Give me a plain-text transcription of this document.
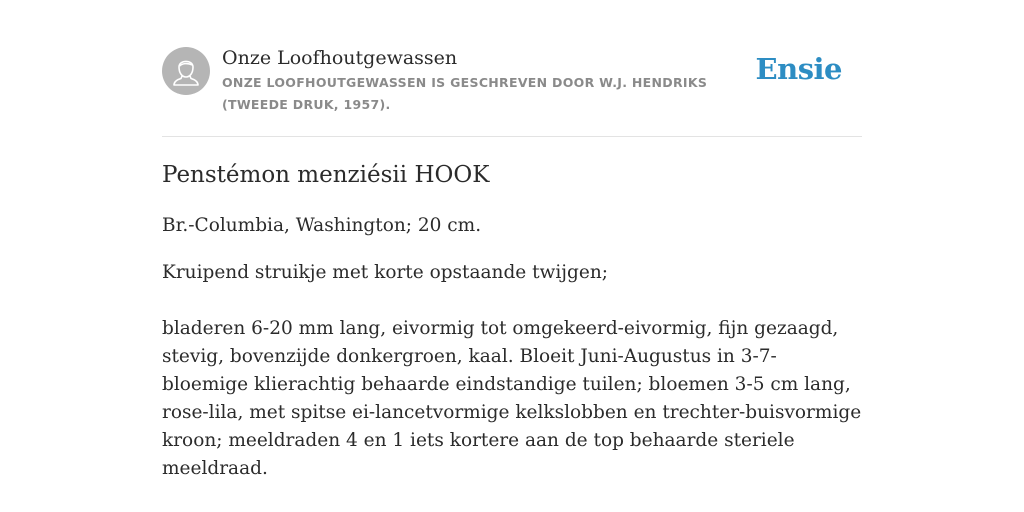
Onze Loofhoutgewassen
ONZE LOOFHOUTGEWASSEN IS GESCHREVEN DOOR W.J. HENDRIKS (TWEEDE DRUK, 1957).
Ensie
Penstémon menziésii HOOK

Br.-Columbia, Washington; 20 cm.

Kruipend struikje met korte opstaande twijgen;

bladeren 6-20 mm lang, eivormig tot omgekeerd-eivormig, fijn gezaagd, stevig, bovenzijde donkergroen, kaal. Bloeit Juni-Augustus in 3-7-bloemige klierachtig behaarde eindstandige tuilen; bloemen 3-5 cm lang, rose-lila, met spitse ei-lancetvormige kelkslobben en trechter-buisvormige kroon; meeldraden 4 en 1 iets kortere aan de top behaarde steriele meeldraad.
